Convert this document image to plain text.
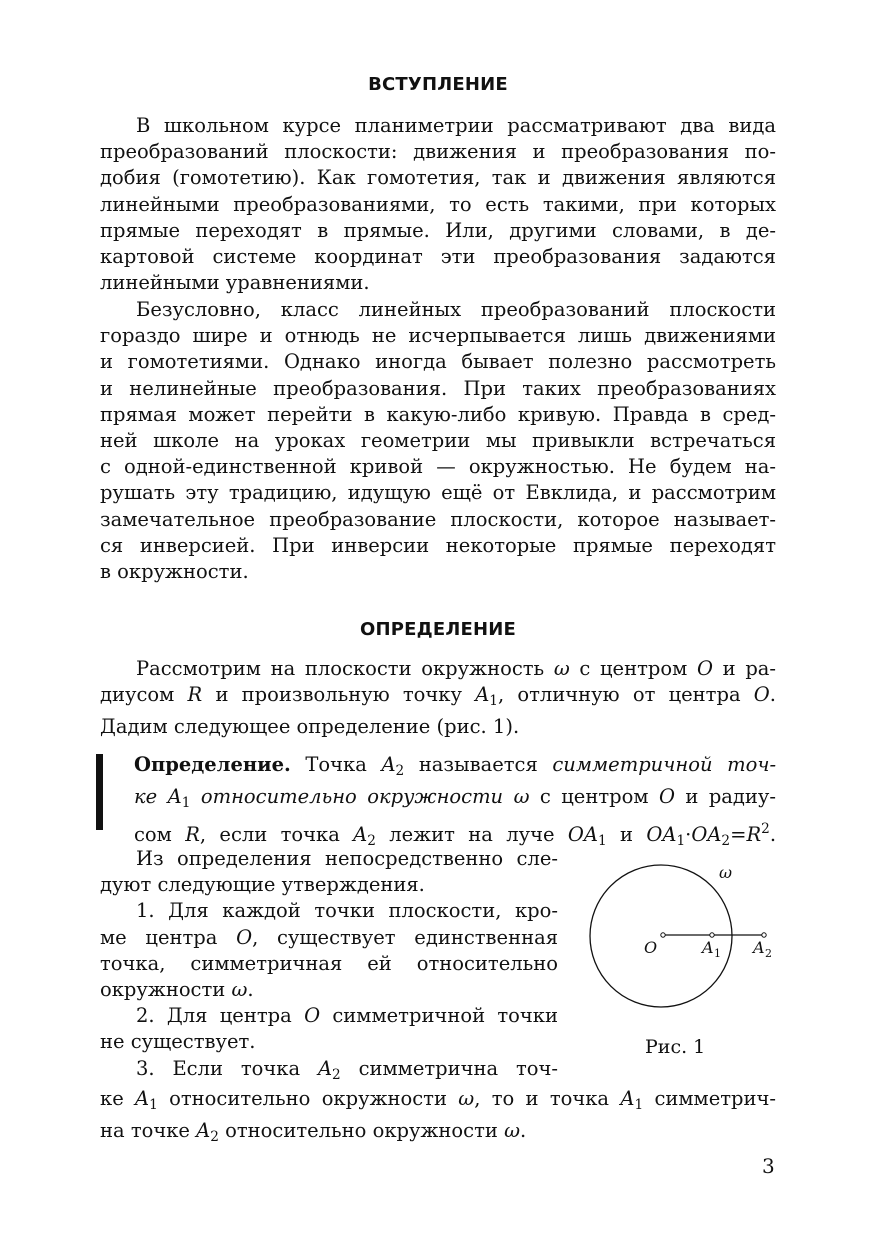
ВСТУПЛЕНИЕ
В школьном курсе планиметрии рассматривают два вида
преобразований плоскости: движения и преобразования по-
добия (гомотетию). Как гомотетия, так и движения являются
линейными преобразованиями, то есть такими, при которых
прямые переходят в прямые. Или, другими словами, в де-
картовой системе координат эти преобразования задаются
линейными уравнениями.
Безусловно, класс линейных преобразований плоскости
гораздо шире и отнюдь не исчерпывается лишь движениями
и гомотетиями. Однако иногда бывает полезно рассмотреть
и нелинейные преобразования. При таких преобразованиях
прямая может перейти в какую-либо кривую. Правда в сред-
ней школе на уроках геометрии мы привыкли встречаться
с одной-единственной кривой — окружностью. Не будем на-
рушать эту традицию, идущую ещё от Евклида, и рассмотрим
замечательное преобразование плоскости, которое называет-
ся инверсией. При инверсии некоторые прямые переходят
в окружности.
ОПРЕДЕЛЕНИЕ
Рассмотрим на плоскости окружность ω с центром O и ра-
диусом R и произвольную точку $A_1$, отличную от центра O.
Дадим следующее определение (рис. 1).
Определение. Точка $A_2$ называется симметричной точ-
ке $A_1$ относительно окружности ω с центром O и радиу-
сом R, если точка $A_2$ лежит на луче $OA_1$ и $OA_1\cdot OA_2=R^2$.
Из определения непосредственно сле-
дуют следующие утверждения.
1. Для каждой точки плоскости, кро-
ме центра O, существует единственная
точка, симметричная ей относительно
окружности ω.
2. Для центра O симметричной точки
не существует.
3. Если точка $A_2$ симметрична точ-
ке $A_1$ относительно окружности ω, то и точка $A_1$ симметрич-
на точке $A_2$ относительно окружности ω.
ω
O	A 1 A 2
Рис. 1
3
